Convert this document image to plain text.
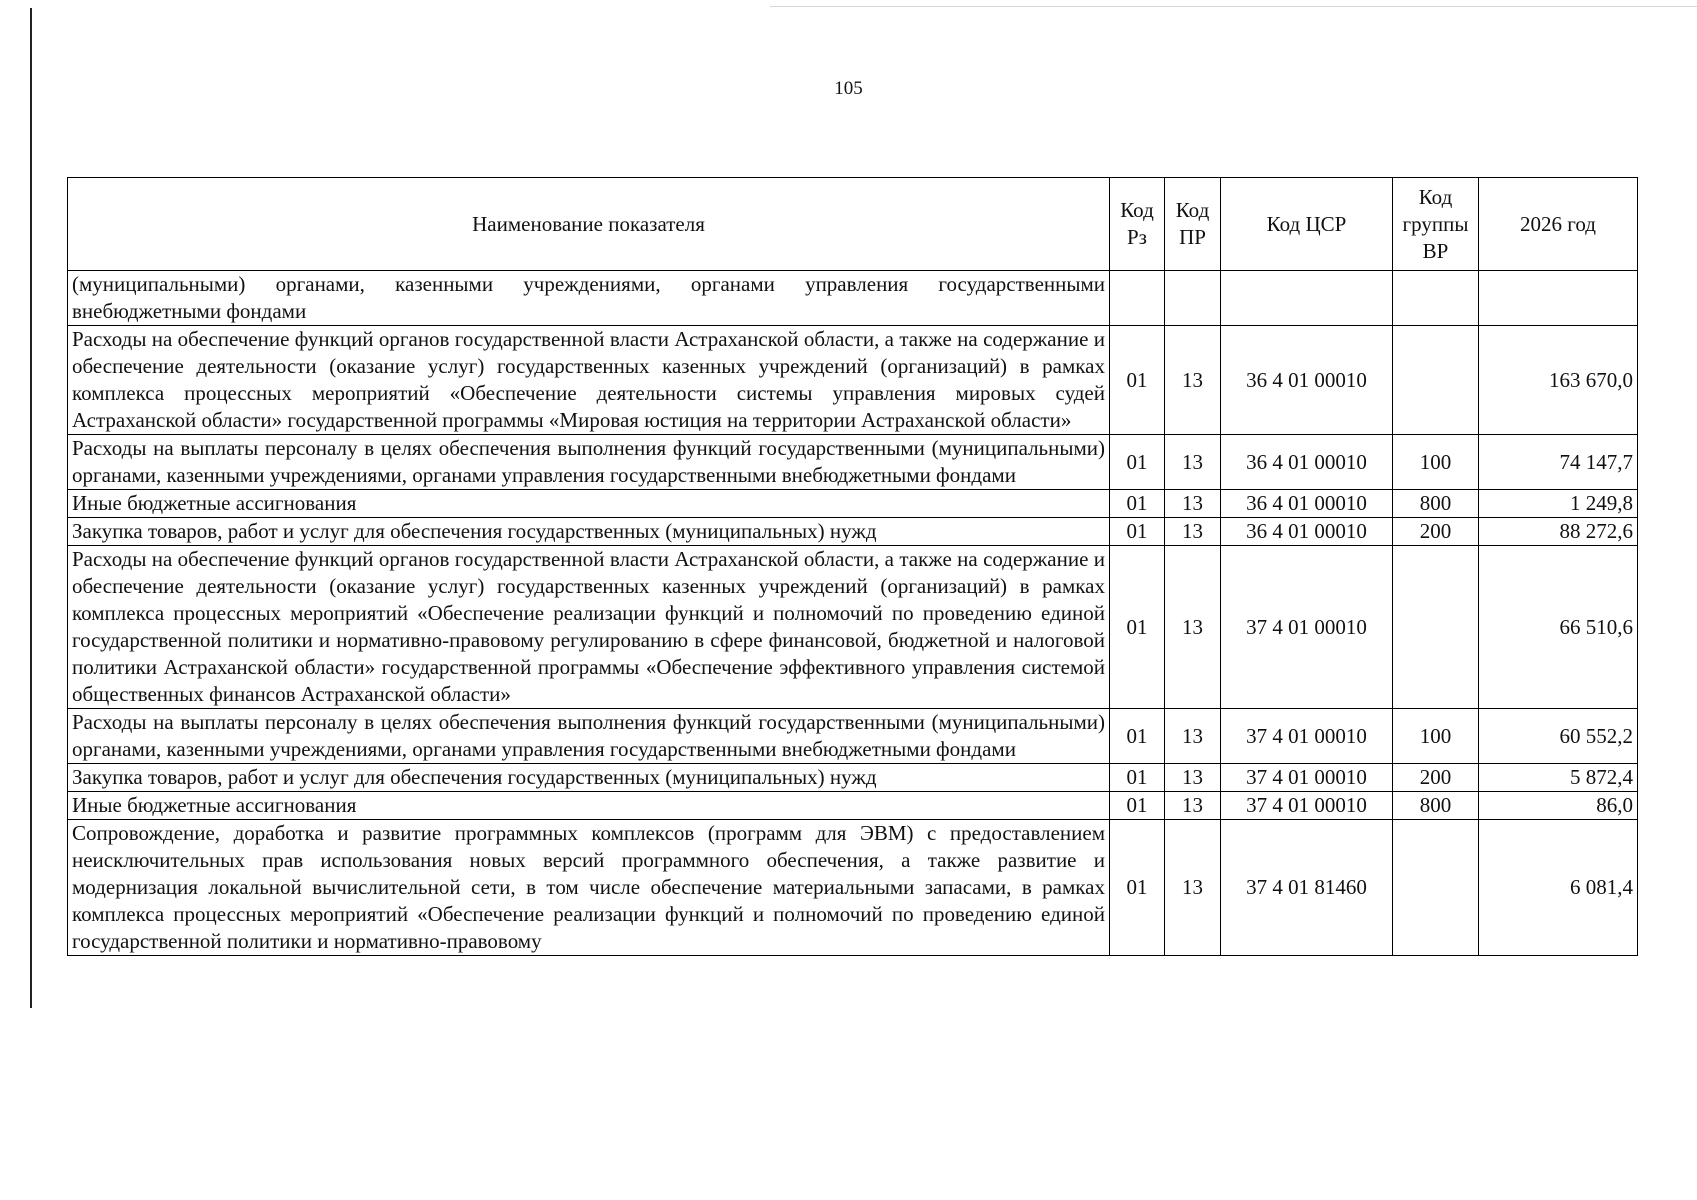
105
Наименование показателя	Код Рз	Код ПР	Код ЦСР	Код группы ВР	2026 год
(муниципальными) органами, казенными учреждениями, органами управления государственными внебюджетными фондами					
Расходы на обеспечение функций органов государственной власти Астраханской области, а также на содержание и обеспечение деятельности (оказание услуг) государственных казенных учреждений (организаций) в рамках комплекса процессных мероприятий «Обеспечение деятельности системы управления мировых судей Астраханской области» государственной программы «Мировая юстиция на территории Астраханской области»	01	13	36 4 01 00010		163 670,0
Расходы на выплаты персоналу в целях обеспечения выполнения функций государственными (муниципальными) органами, казенными учреждениями, органами управления государственными внебюджетными фондами	01	13	36 4 01 00010	100	74 147,7
Иные бюджетные ассигнования	01	13	36 4 01 00010	800	1 249,8
Закупка товаров, работ и услуг для обеспечения государственных (муниципальных) нужд	01	13	36 4 01 00010	200	88 272,6
Расходы на обеспечение функций органов государственной власти Астраханской области, а также на содержание и обеспечение деятельности (оказание услуг) государственных казенных учреждений (организаций) в рамках комплекса процессных мероприятий «Обеспечение реализации функций и полномочий по проведению единой государственной политики и нормативно-правовому регулированию в сфере финансовой, бюджетной и налоговой политики Астраханской области» государственной программы «Обеспечение эффективного управления системой общественных финансов Астраханской области»	01	13	37 4 01 00010		66 510,6
Расходы на выплаты персоналу в целях обеспечения выполнения функций государственными (муниципальными) органами, казенными учреждениями, органами управления государственными внебюджетными фондами	01	13	37 4 01 00010	100	60 552,2
Закупка товаров, работ и услуг для обеспечения государственных (муниципальных) нужд	01	13	37 4 01 00010	200	5 872,4
Иные бюджетные ассигнования	01	13	37 4 01 00010	800	86,0
Сопровождение, доработка и развитие программных комплексов (программ для ЭВМ) с предоставлением неисключительных прав использования новых версий программного обеспечения, а также развитие и модернизация локальной вычислительной сети, в том числе обеспечение материальными запасами, в рамках комплекса процессных мероприятий «Обеспечение реализации функций и полномочий по проведению единой государственной политики и нормативно-правовому	01	13	37 4 01 81460		6 081,4
